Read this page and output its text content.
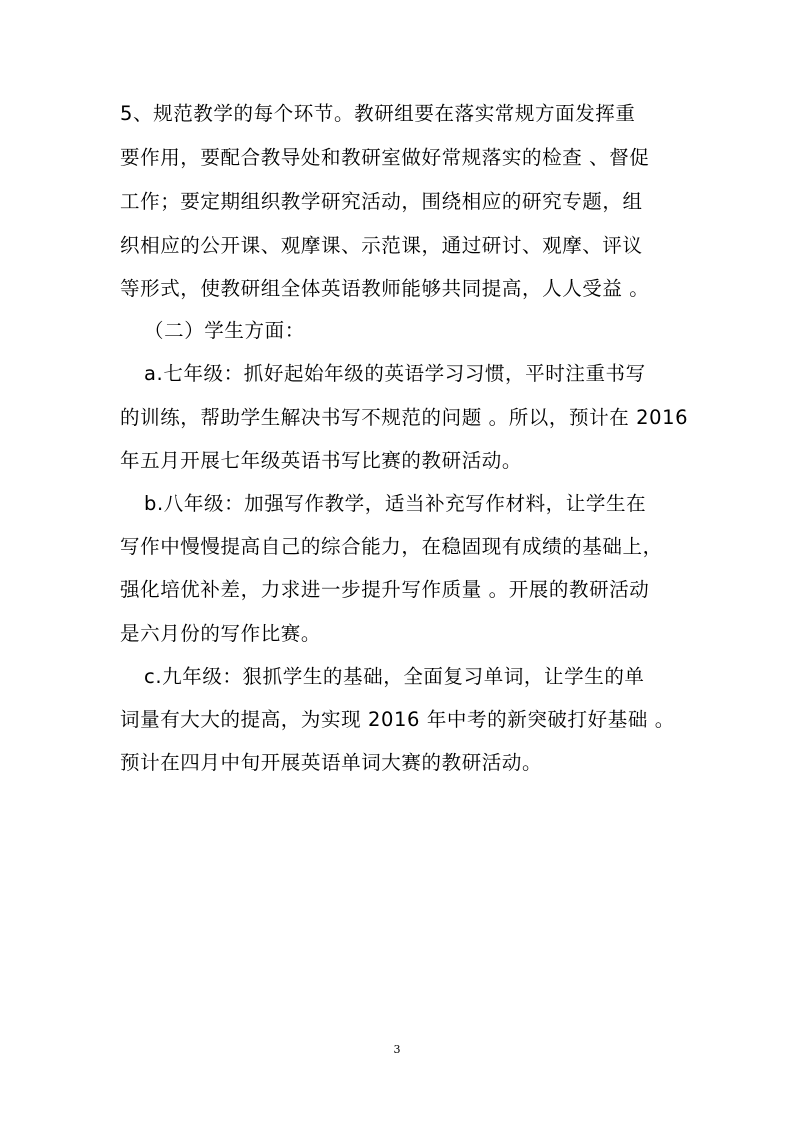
5、规范教学的每个环节。教研组要在落实常规方面发挥重
要作用，要配合教导处和教研室做好常规落实的检查 、督促
工作；要定期组织教学研究活动，围绕相应的研究专题，组
织相应的公开课、观摩课、示范课，通过研讨、观摩、评议
等形式，使教研组全体英语教师能够共同提高，人人受益 。
（二）学生方面：
a.七年级：抓好起始年级的英语学习习惯，平时注重书写
的训练，帮助学生解决书写不规范的问题 。所以，预计在 2016
年五月开展七年级英语书写比赛的教研活动。
b.八年级：加强写作教学，适当补充写作材料，让学生在
写作中慢慢提高自己的综合能力，在稳固现有成绩的基础上，
强化培优补差，力求进一步提升写作质量 。开展的教研活动
是六月份的写作比赛。
c.九年级：狠抓学生的基础，全面复习单词，让学生的单
词量有大大的提高，为实现 2016 年中考的新突破打好基础 。
预计在四月中旬开展英语单词大赛的教研活动。
3
